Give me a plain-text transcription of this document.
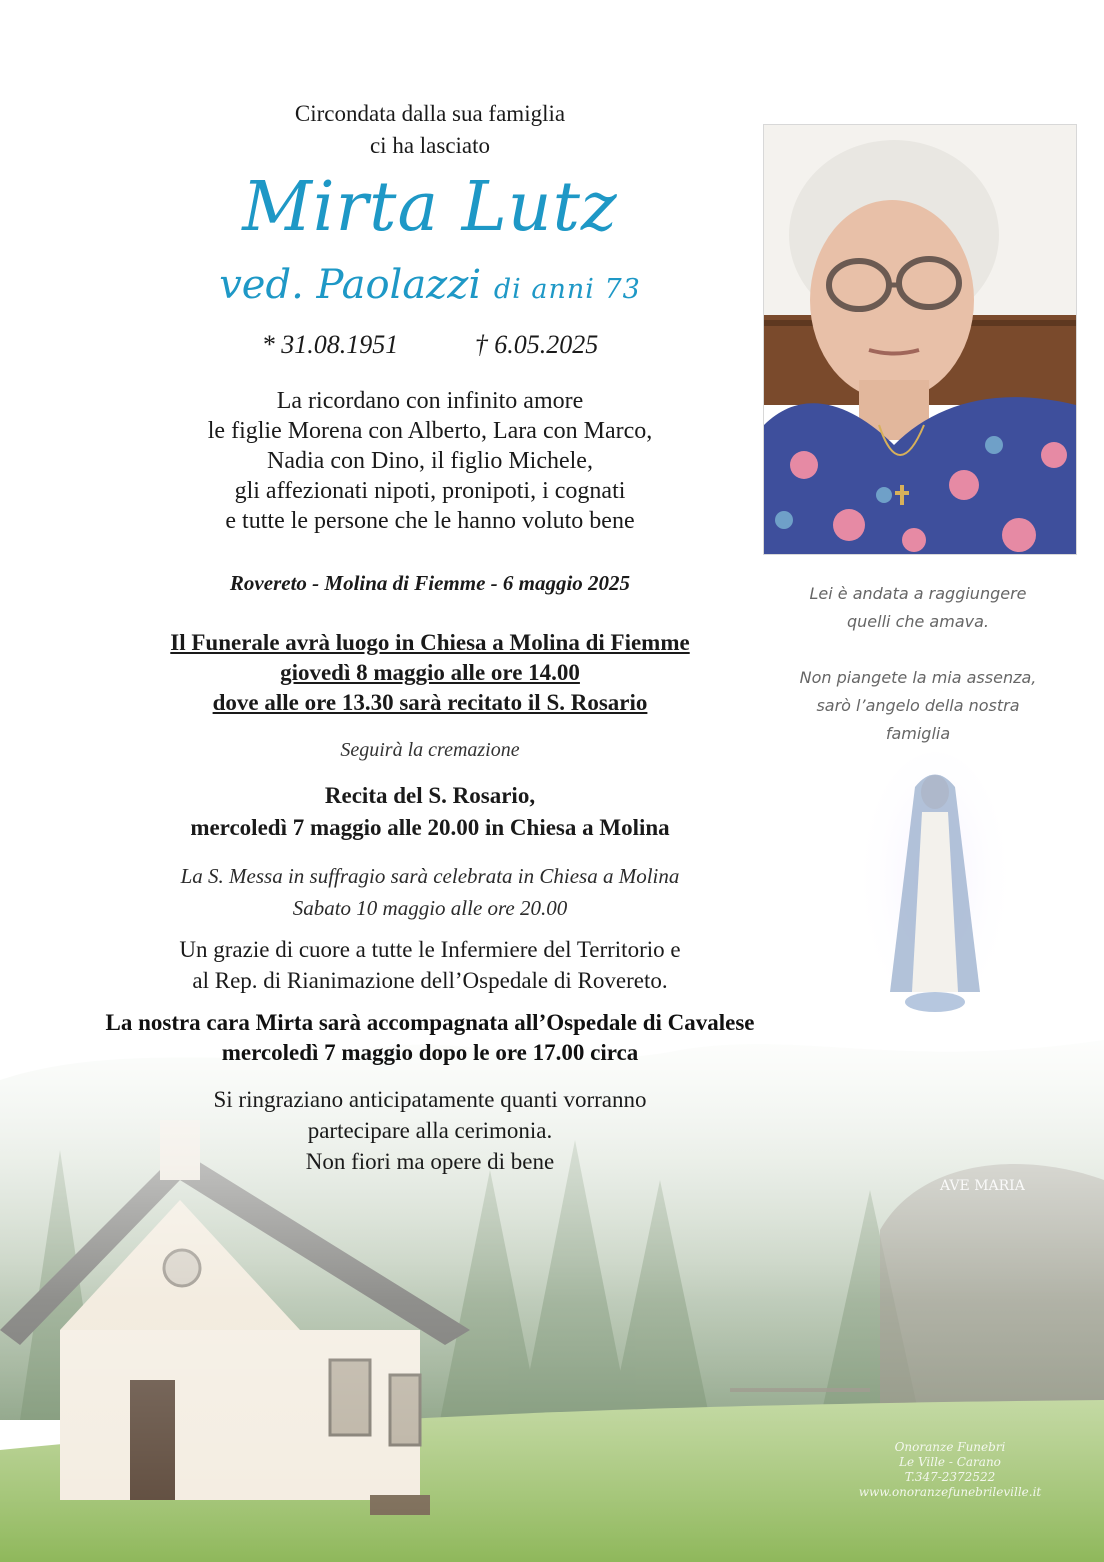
Circondata dalla sua famiglia
ci ha lasciato
Mirta Lutz
ved. Paolazzi di anni 73
* 31.08.1951	† 6.05.2025
La ricordano con infinito amore
le figlie Morena con Alberto, Lara con Marco,
Nadia con Dino, il figlio Michele,
gli affezionati nipoti, pronipoti, i cognati
e tutte le persone che le hanno voluto bene
Rovereto - Molina di Fiemme - 6 maggio 2025
Il Funerale avrà luogo in Chiesa a Molina di Fiemme
giovedì 8 maggio alle ore 14.00
dove alle ore 13.30 sarà recitato il S. Rosario
Seguirà la cremazione
Recita del S. Rosario,
mercoledì 7 maggio alle 20.00 in Chiesa a Molina
La S. Messa in suffragio sarà celebrata in Chiesa a Molina
Sabato 10 maggio alle ore 20.00
Un grazie di cuore a tutte le Infermiere del Territorio e
al Rep. di Rianimazione dell’Ospedale di Rovereto.
La nostra cara Mirta sarà accompagnata all’Ospedale di Cavalese
mercoledì 7 maggio dopo le ore 17.00 circa
Si ringraziano anticipatamente quanti vorranno
partecipare alla cerimonia.
Non fiori ma opere di bene
Lei è andata a raggiungere
quelli che amava.
Non piangete la mia assenza,
sarò l’angelo della nostra
famiglia
Onoranze Funebri
Le Ville - Carano
T.347-2372522
www.onoranzefunebrileville.it
